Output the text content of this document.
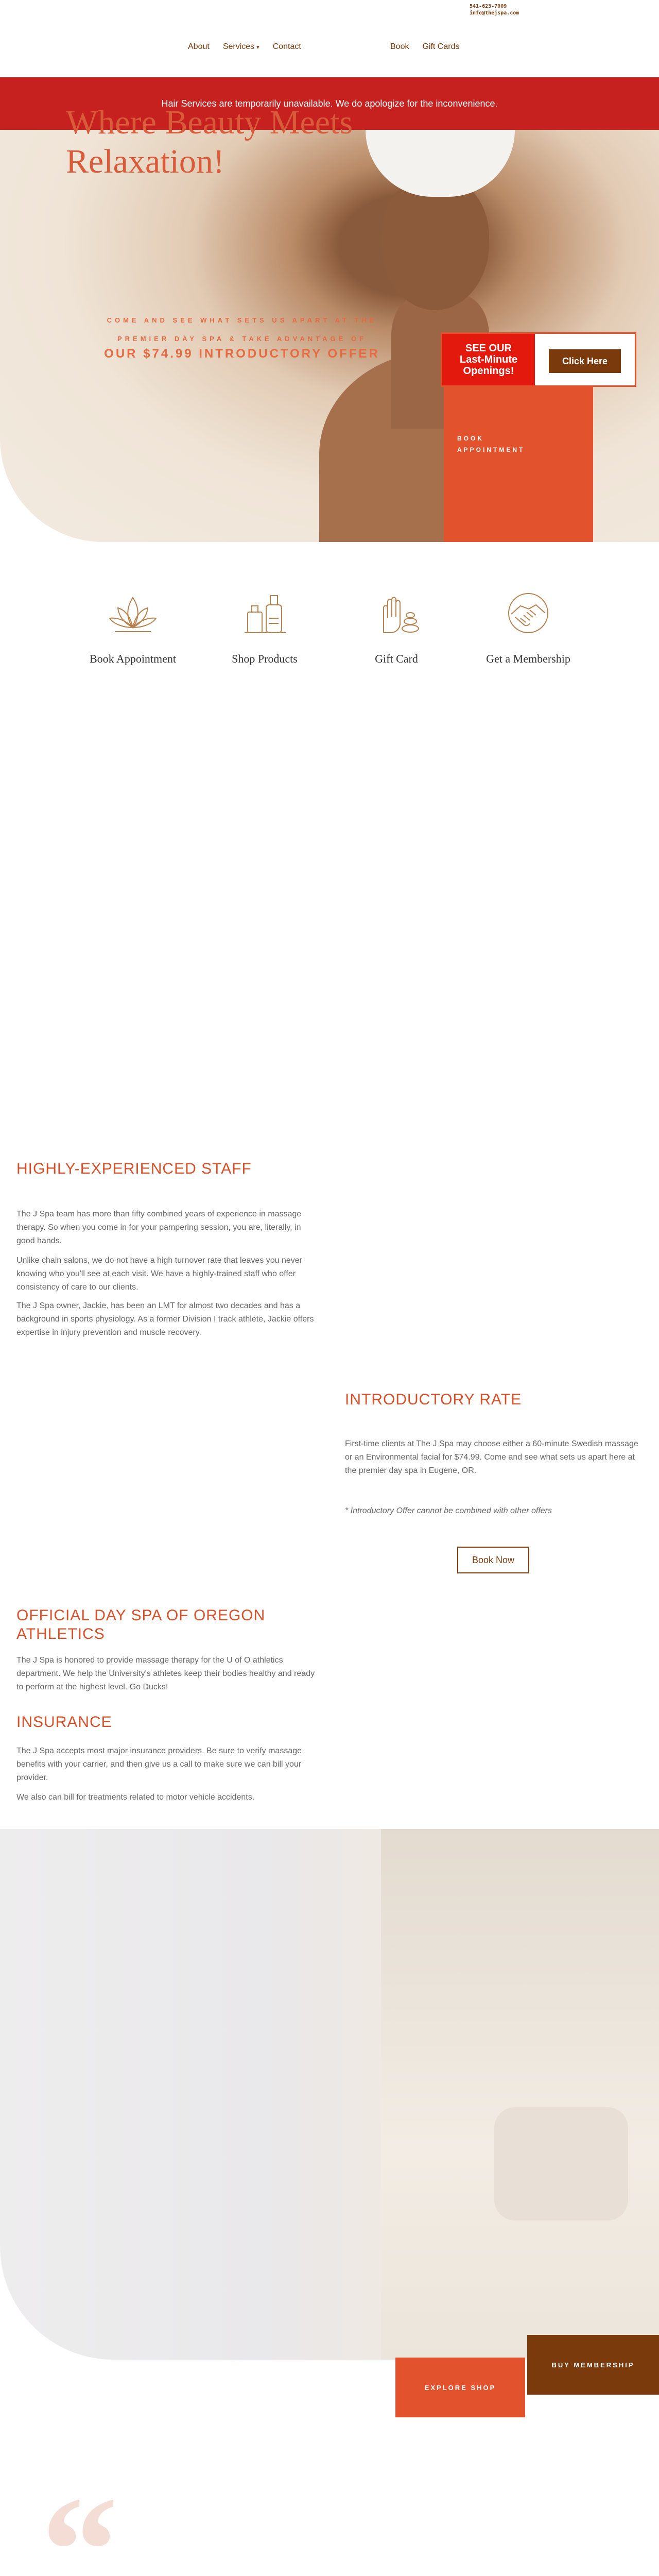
541-623-7009
info@thejspa.com
About Services ▾ Contact	Book Gift Cards
Hair Services are temporarily unavailable. We do apologize for the inconvenience.
Where Beauty Meets
Relaxation!
COME AND SEE WHAT SETS US APART AT THE
PREMIER DAY SPA & TAKE ADVANTAGE OF
OUR $74.99 INTRODUCTORY OFFER
BOOK
APPOINTMENT
SEE OUR
Last-Minute
Openings!
Click Here
Book Appointment	Shop Products	Gift Card	Get a Membership
HIGHLY-EXPERIENCED STAFF
The J Spa team has more than fifty combined years of experience in massage therapy. So when you come in for your pampering session, you are, literally, in good hands.
Unlike chain salons, we do not have a high turnover rate that leaves you never knowing who you'll see at each visit. We have a highly-trained staff who offer consistency of care to our clients.
The J Spa owner, Jackie, has been an LMT for almost two decades and has a background in sports physiology. As a former Division I track athlete, Jackie offers expertise in injury prevention and muscle recovery.
INTRODUCTORY RATE
First-time clients at The J Spa may choose either a 60-minute Swedish massage or an Environmental facial for $74.99. Come and see what sets us apart here at the premier day spa in Eugene, OR.
* Introductory Offer cannot be combined with other offers
Book Now
OFFICIAL DAY SPA OF OREGON
ATHLETICS
The J Spa is honored to provide massage therapy for the U of O athletics department. We help the University's athletes keep their bodies healthy and ready to perform at the highest level. Go Ducks!
INSURANCE
The J Spa accepts most major insurance providers. Be sure to verify massage benefits with your carrier, and then give us a call to make sure we can bill your provider.
We also can bill for treatments related to motor vehicle accidents.
EXPLORE SHOP
BUY MEMBERSHIP
“
